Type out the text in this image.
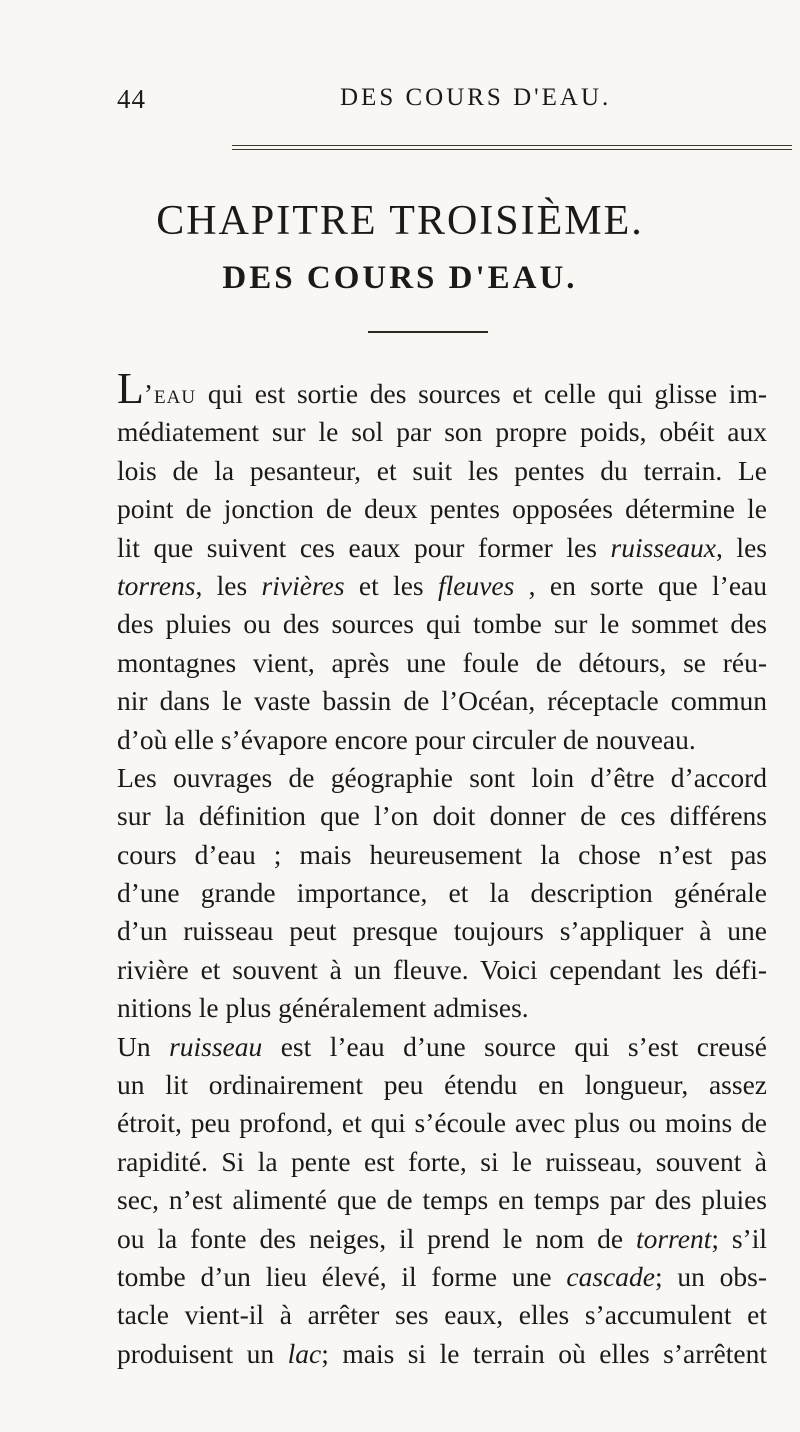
44	DES COURS D'EAU.
CHAPITRE TROISIÈME.
DES COURS D'EAU.
L’eau qui est sortie des sources et celle qui glisse im-
médiatement sur le sol par son propre poids, obéit aux
lois de la pesanteur, et suit les pentes du terrain. Le
point de jonction de deux pentes opposées détermine le
lit que suivent ces eaux pour former les ruisseaux, les
torrens, les rivières et les fleuves , en sorte que l’eau
des pluies ou des sources qui tombe sur le sommet des
montagnes vient, après une foule de détours, se réu-
nir dans le vaste bassin de l’Océan, réceptacle commun
d’où elle s’évapore encore pour circuler de nouveau.
Les ouvrages de géographie sont loin d’être d’accord
sur la définition que l’on doit donner de ces différens
cours d’eau ; mais heureusement la chose n’est pas
d’une grande importance, et la description générale
d’un ruisseau peut presque toujours s’appliquer à une
rivière et souvent à un fleuve. Voici cependant les défi-
nitions le plus généralement admises.
Un ruisseau est l’eau d’une source qui s’est creusé
un lit ordinairement peu étendu en longueur, assez
étroit, peu profond, et qui s’écoule avec plus ou moins de
rapidité. Si la pente est forte, si le ruisseau, souvent à
sec, n’est alimenté que de temps en temps par des pluies
ou la fonte des neiges, il prend le nom de torrent; s’il
tombe d’un lieu élevé, il forme une cascade; un obs-
tacle vient-il à arrêter ses eaux, elles s’accumulent et
produisent un lac; mais si le terrain où elles s’arrêtent
